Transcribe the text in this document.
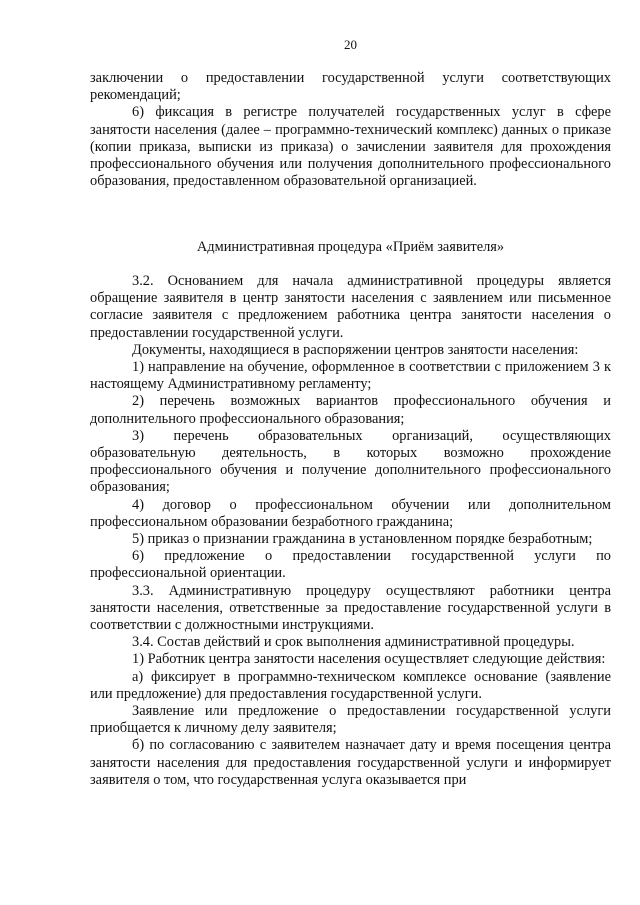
20

заключении о предоставлении государственной услуги соответствующих рекомендаций;

6) фиксация в регистре получателей государственных услуг в сфере занятости населения (далее – программно-технический комплекс) данных о приказе (копии приказа, выписки из приказа) о зачислении заявителя для прохождения профессионального обучения или получения дополнительного профессионального образования, предоставленном образовательной организацией.

Административная процедура «Приём заявителя»

3.2. Основанием для начала административной процедуры является обращение заявителя в центр занятости населения с заявлением или письменное согласие заявителя с предложением работника центра занятости населения о предоставлении государственной услуги.

Документы, находящиеся в распоряжении центров занятости населения:

1) направление на обучение, оформленное в соответствии с приложением 3 к настоящему Административному регламенту;

2) перечень возможных вариантов профессионального обучения и дополнительного профессионального образования;

3) перечень образовательных организаций, осуществляющих образовательную деятельность, в которых возможно прохождение профессионального обучения и получение дополнительного профессионального образования;

4) договор о профессиональном обучении или дополнительном профессиональном образовании безработного гражданина;

5) приказ о признании гражданина в установленном порядке безработным;

6) предложение о предоставлении государственной услуги по профессиональной ориентации.

3.3. Административную процедуру осуществляют работники центра занятости населения, ответственные за предоставление государственной услуги в соответствии с должностными инструкциями.

3.4. Состав действий и срок выполнения административной процедуры.

1) Работник центра занятости населения осуществляет следующие действия:

а) фиксирует в программно-техническом комплексе основание (заявление или предложение) для предоставления государственной услуги.

Заявление или предложение о предоставлении государственной услуги приобщается к личному делу заявителя;

б) по согласованию с заявителем назначает дату и время посещения центра занятости населения для предоставления государственной услуги и информирует заявителя о том, что государственная услуга оказывается при
